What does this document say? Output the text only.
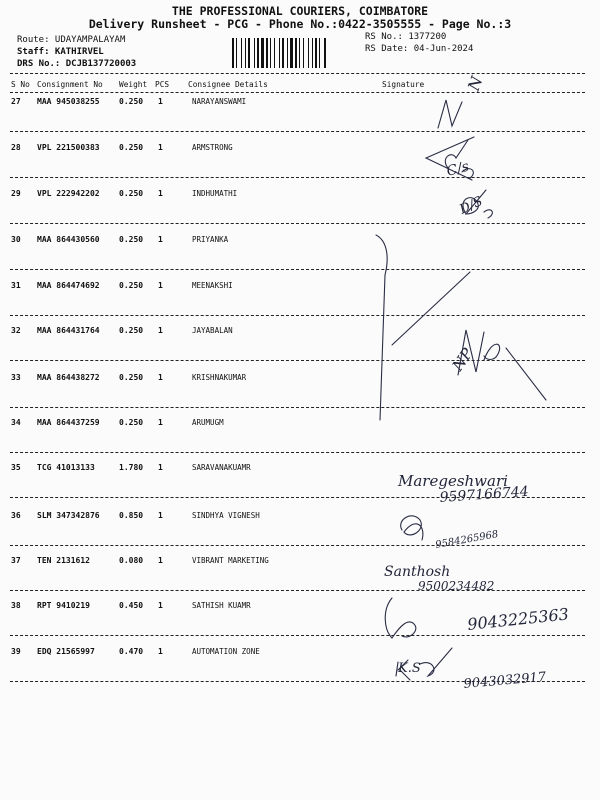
THE PROFESSIONAL COURIERS, COIMBATORE
Delivery Runsheet - PCG - Phone No.:0422-3505555 - Page No.:3
Route: UDAYAMPALAYAM
Staff: KATHIRVEL
DRS No.: DCJB137720003
RS No.: 1377200
RS Date: 04-Jun-2024
S No Consignment No Weight PCS Consignee Details	Signature
27 MAA 945038255 0.250 1	NARAYANSWAMI
28 VPL 221500383 0.250 1	ARMSTRONG
29 VPL 222942202 0.250 1	INDHUMATHI
30 MAA 864430560 0.250 1	PRIYANKA
31 MAA 864474692 0.250 1	MEENAKSHI
32 MAA 864431764 0.250 1	JAYABALAN
33 MAA 864438272 0.250 1	KRISHNAKUMAR
34 MAA 864437259 0.250 1	ARUMUGM
35 TCG 41013133	1.780 1	SARAVANAKUAMR
36 SLM 347342876 0.850 1	SINDHYA VIGNESH
37 TEN 2131612	0.080 1	VIBRANT MARKETING
38 RPT 9410219	0.450 1	SATHISH KUAMR
39 EDQ 21565997	0.470 1	AUTOMATION ZONE
N
C/s
D/S
NP
Maregeshwari
9597166744
9584265968
Santhosh
9500234482
9043225363
K.S
9043032917
